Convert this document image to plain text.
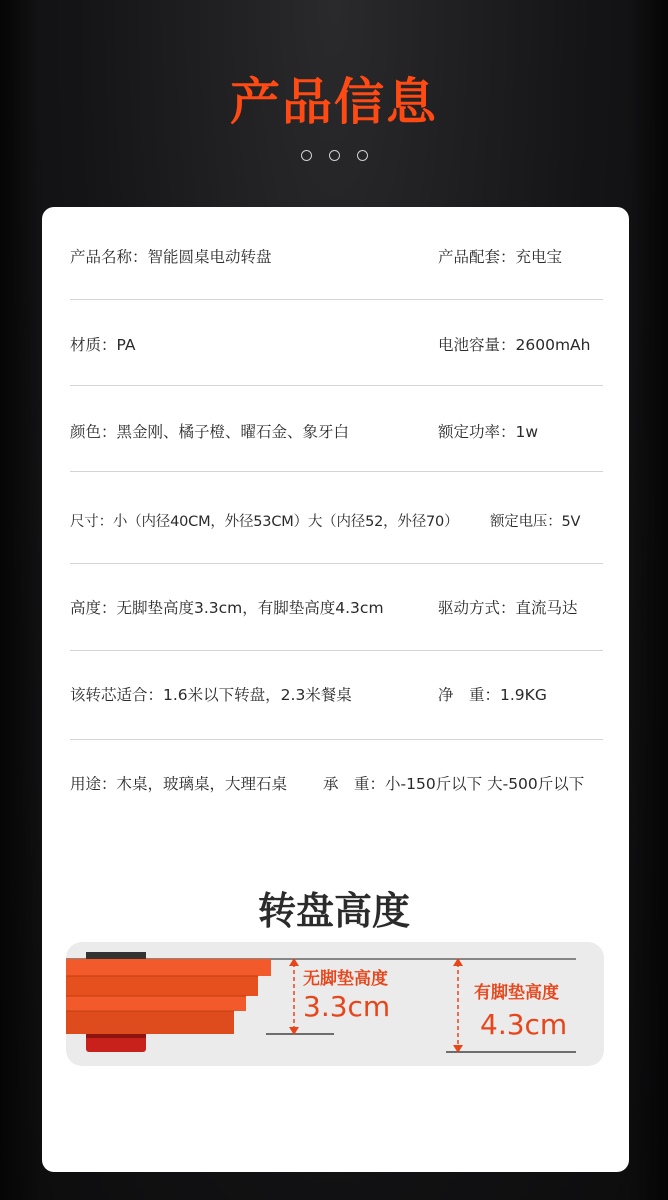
产品信息
产品名称：智能圆桌电动转盘	产品配套：充电宝
材质：PA	电池容量：2600mAh
颜色：黑金刚、橘子橙、曜石金、象牙白	额定功率：1w
尺寸：小（内径40CM，外径53CM）大（内径52，外径70）	额定电压：5V
高度：无脚垫高度3.3cm，有脚垫高度4.3cm	驱动方式：直流马达
该转芯适合：1.6米以下转盘，2.3米餐桌	净　重：1.9KG
用途：木桌，玻璃桌，大理石桌	承　重：小-150斤以下 大-500斤以下
转盘高度
无脚垫高度
3.3cm	有脚垫高度
4.3cm
